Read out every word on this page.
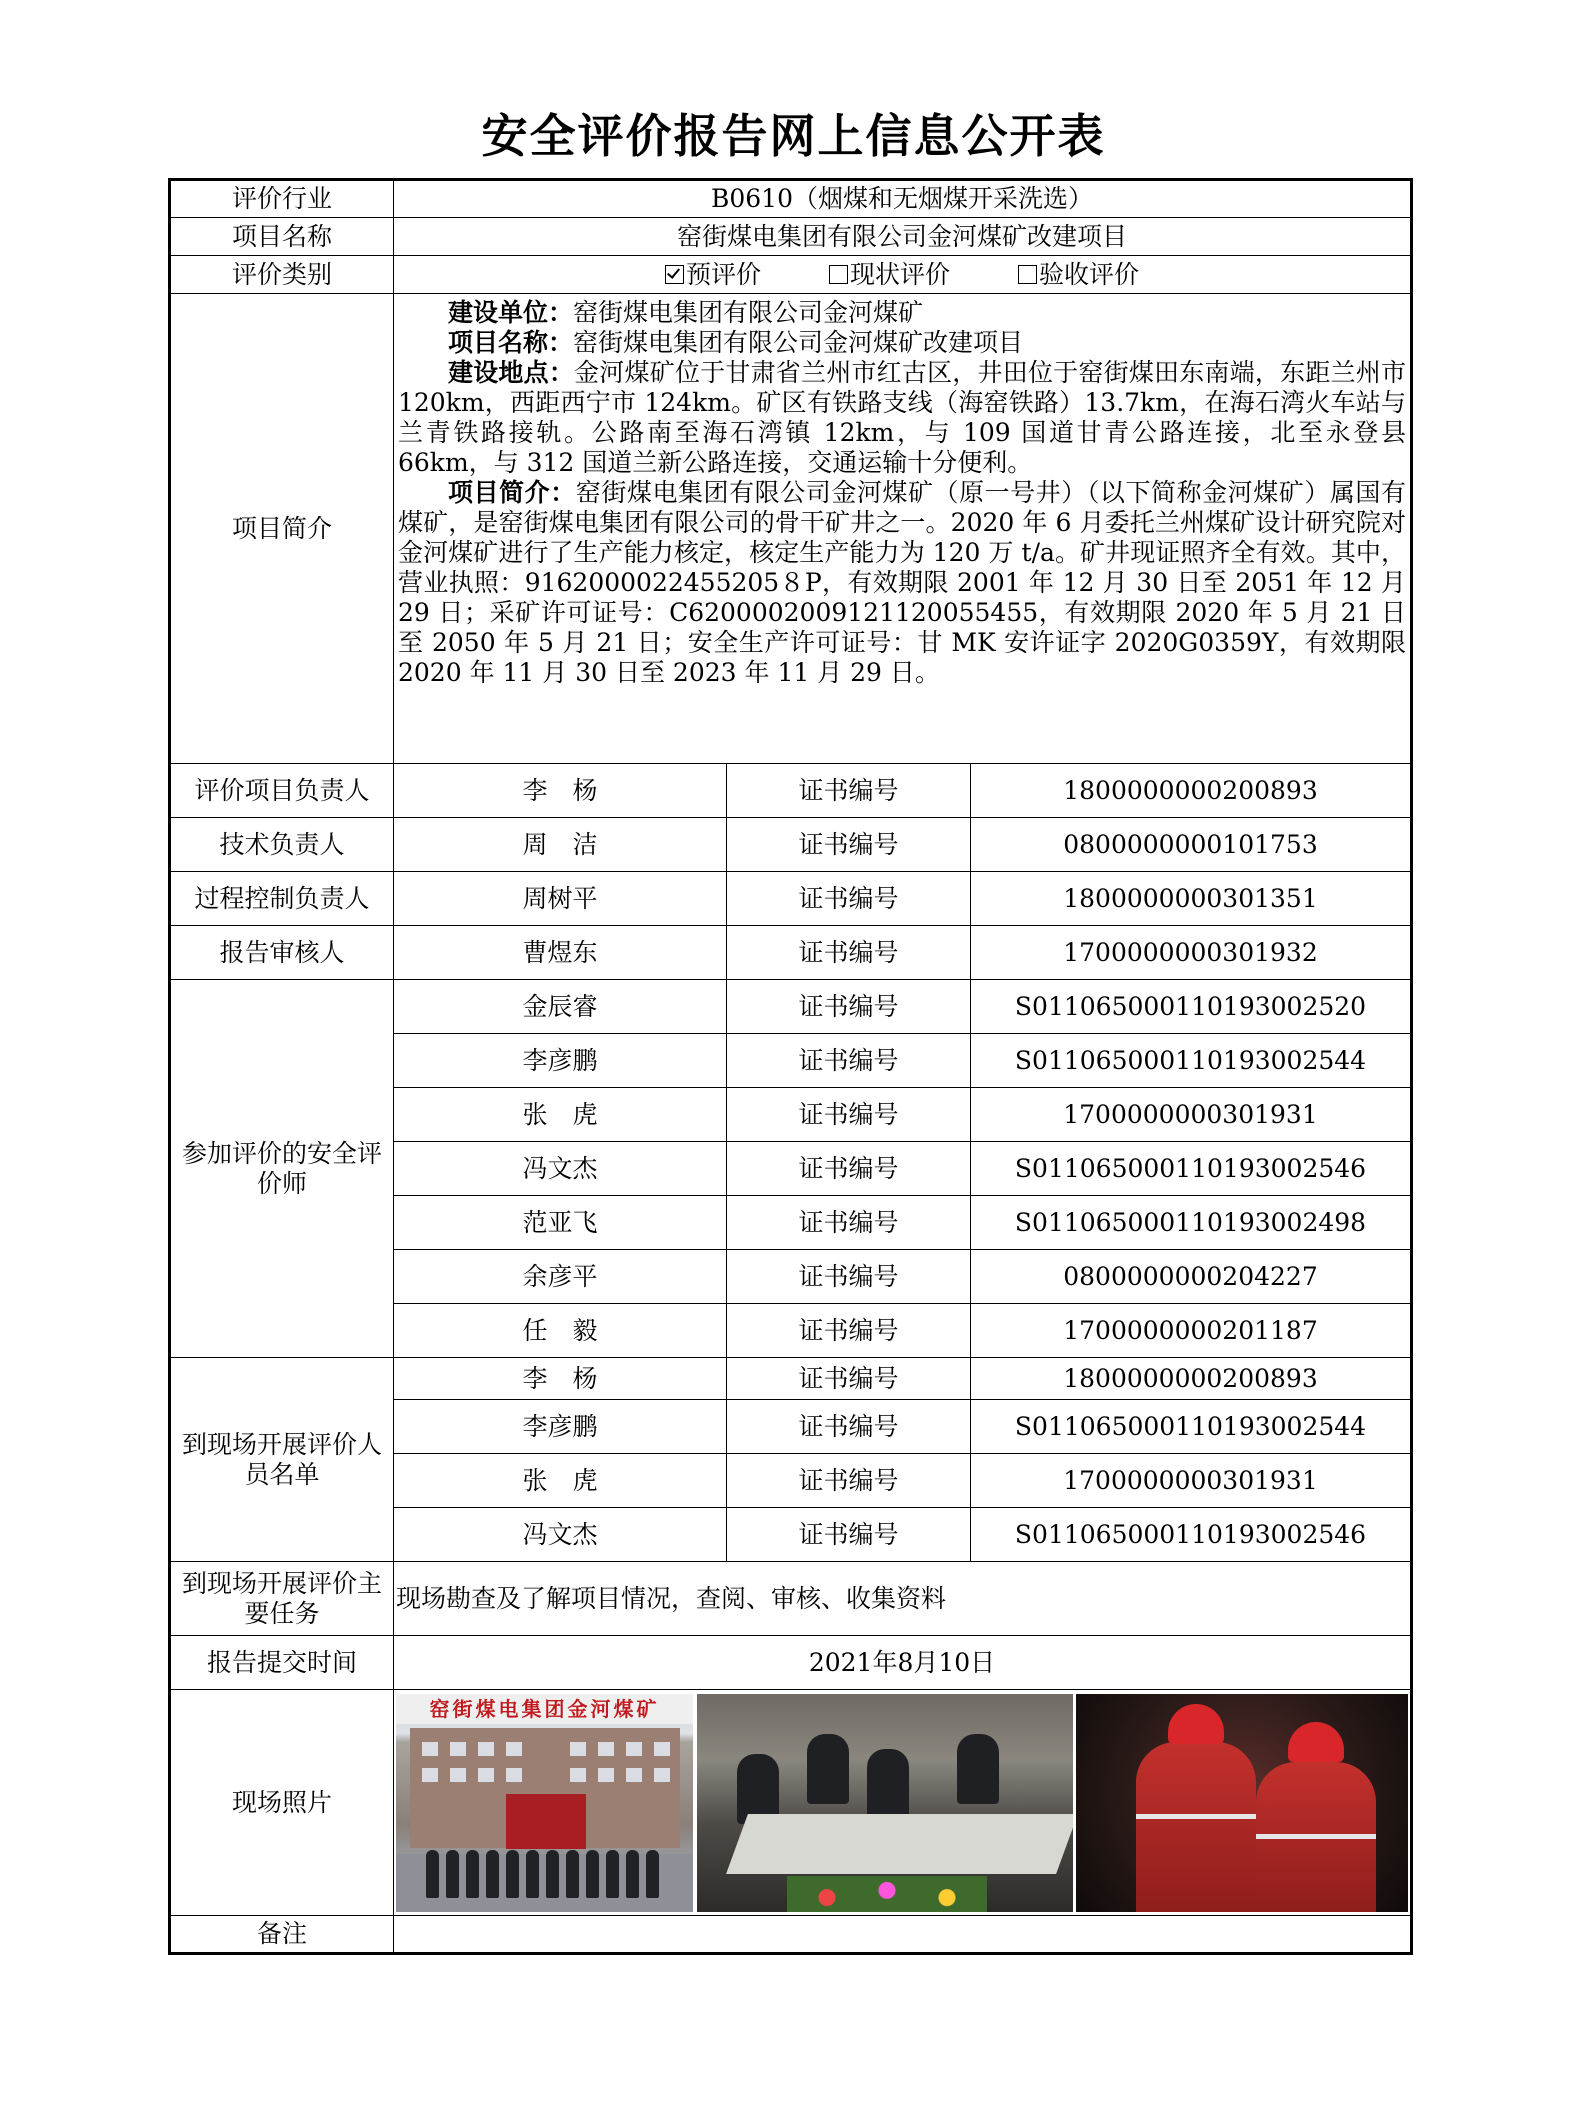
安全评价报告网上信息公开表
评价行业	B0610（烟煤和无烟煤开采洗选）		
项目名称	窑街煤电集团有限公司金河煤矿改建项目		
评价类别	预评价 现状评价 验收评价		
项目简介	建设单位：窑街煤电集团有限公司金河煤矿

项目名称：窑街煤电集团有限公司金河煤矿改建项目

建设地点：金河煤矿位于甘肃省兰州市红古区，井田位于窑街煤田东南端，东距兰州市 120km，西距西宁市 124km。矿区有铁路支线（海窑铁路）13.7km，在海石湾火车站与兰青铁路接轨。公路南至海石湾镇 12km，与 109 国道甘青公路连接，北至永登县 66km，与 312 国道兰新公路连接，交通运输十分便利。

项目简介：窑街煤电集团有限公司金河煤矿（原一号井）（以下简称金河煤矿）属国有煤矿，是窑街煤电集团有限公司的骨干矿井之一。2020 年 6 月委托兰州煤矿设计研究院对金河煤矿进行了生产能力核定，核定生产能力为 120 万 t/a。矿井现证照齐全有效。其中，营业执照：9162000022455205８P，有效期限 2001 年 12 月 30 日至 2051 年 12 月 29 日；采矿许可证号：C6200002009121120055455，有效期限 2020 年 5 月 21 日至 2050 年 5 月 21 日；安全生产许可证号：甘 MK 安许证字 2020G0359Y，有效期限 2020 年 11 月 30 日至 2023 年 11 月 29 日。		

评价项目负责人	李　杨	证书编号	1800000000200893
技术负责人	周　洁	证书编号	0800000000101753
过程控制负责人	周树平	证书编号	1800000000301351
报告审核人	曹煜东	证书编号	1700000000301932
参加评价的安全评价师	金辰睿	证书编号	S011065000110193002520
	李彦鹏	证书编号	S011065000110193002544
	张　虎	证书编号	1700000000301931
	冯文杰	证书编号	S011065000110193002546
	范亚飞	证书编号	S011065000110193002498
	余彦平	证书编号	0800000000204227
	任　毅	证书编号	1700000000201187
到现场开展评价人员名单	李　杨	证书编号	1800000000200893
	李彦鹏	证书编号	S011065000110193002544
	张　虎	证书编号	1700000000301931
	冯文杰	证书编号	S011065000110193002546
到现场开展评价主要任务	现场勘查及了解项目情况，查阅、审核、收集资料		
报告提交时间	2021年8月10日		
现场照片	窑街煤电集团金河煤矿		

备注			
